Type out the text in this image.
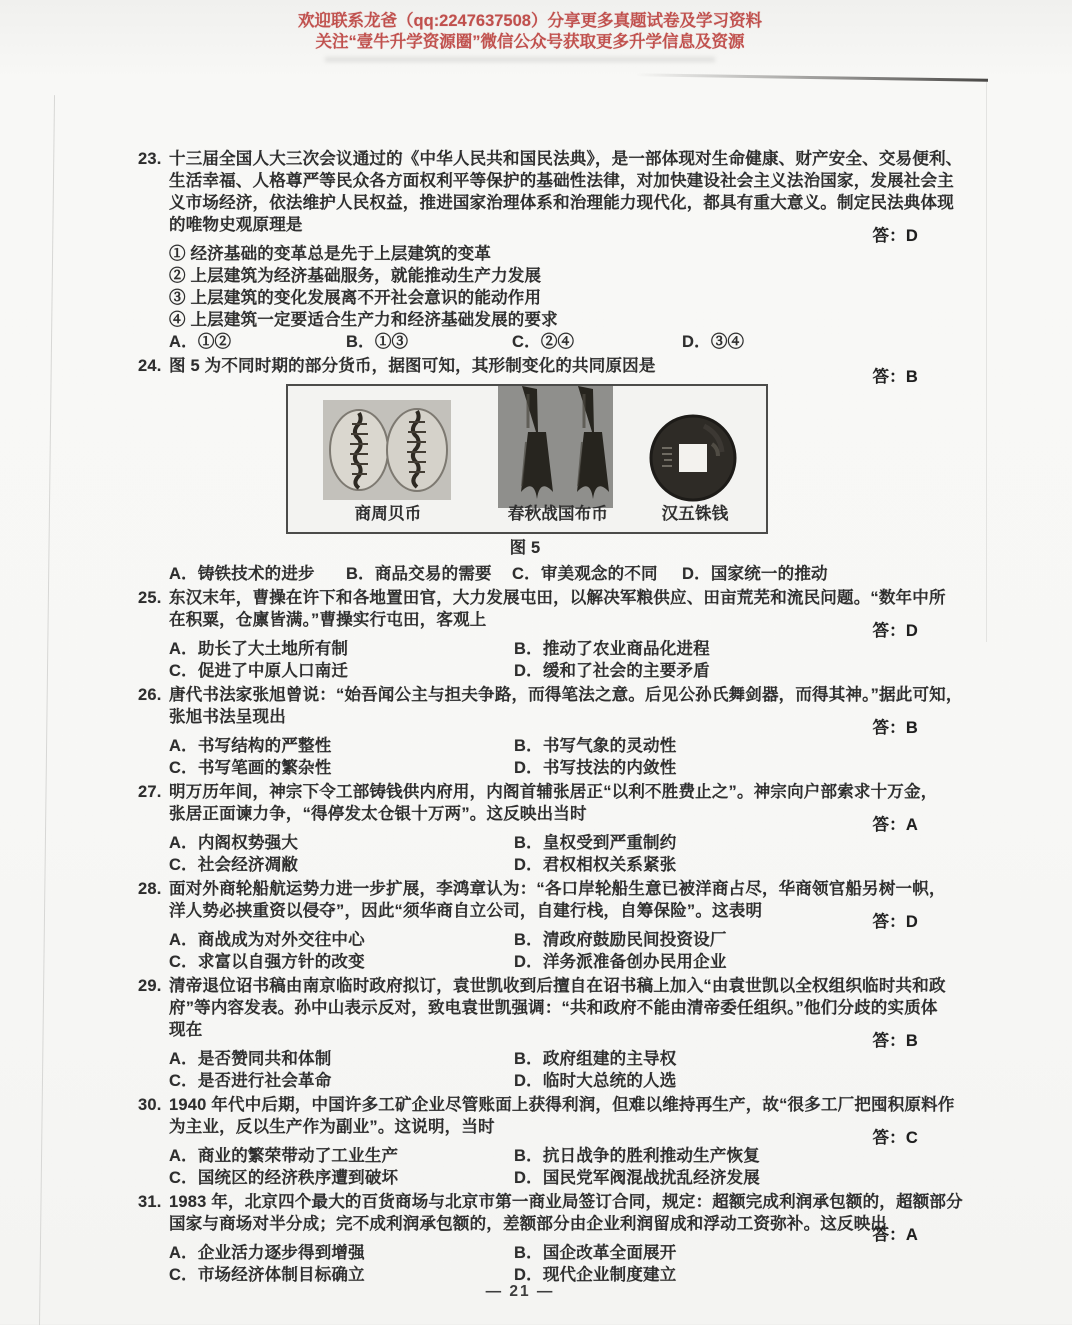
欢迎联系龙爸（qq:2247637508）分享更多真题试卷及学习资料
关注“壹牛升学资源圈”微信公众号获取更多升学信息及资源
23. 十三届全国人大三次会议通过的《中华人民共和国民法典》，是一部体现对生命健康、财产安全、交易便利、
生活幸福、人格尊严等民众各方面权利平等保护的基础性法律，对加快建设社会主义法治国家，发展社会主
义市场经济，依法维护人民权益，推进国家治理体系和治理能力现代化，都具有重大意义。制定民法典体现
的唯物史观原理是
① 经济基础的变革总是先于上层建筑的变革
② 上层建筑为经济基础服务，就能推动生产力发展
③ 上层建筑的变化发展离不开社会意识的能动作用
④ 上层建筑一定要适合生产力和经济基础发展的要求
A．①②	B．①③	C．②④	D．③④
答：D
24. 图 5 为不同时期的部分货币，据图可知，其形制变化的共同原因是
商周贝币	春秋战国布币	汉五铢钱
图 5
A．铸铁技术的进步	B．商品交易的需要	C．审美观念的不同	D．国家统一的推动
答：B
25. 东汉末年，曹操在许下和各地置田官，大力发展屯田，以解决军粮供应、田亩荒芜和流民问题。“数年中所
在积粟，仓廪皆满。”曹操实行屯田，客观上
A．助长了大土地所有制	B．推动了农业商品化进程
C．促进了中原人口南迁	D．缓和了社会的主要矛盾
答：D
26. 唐代书法家张旭曾说：“始吾闻公主与担夫争路，而得笔法之意。后见公孙氏舞剑器，而得其神。”据此可知，
张旭书法呈现出
A．书写结构的严整性	B．书写气象的灵动性
C．书写笔画的繁杂性	D．书写技法的内敛性
答：B
27. 明万历年间，神宗下令工部铸钱供内府用，内阁首辅张居正“以利不胜费止之”。神宗向户部索求十万金，
张居正面谏力争，“得停发太仓银十万两”。这反映出当时
A．内阁权势强大	B．皇权受到严重制约
C．社会经济凋敝	D．君权相权关系紧张
答：A
28. 面对外商轮船航运势力进一步扩展，李鸿章认为：“各口岸轮船生意已被洋商占尽，华商领官船另树一帜，
洋人势必挟重资以侵夺”，因此“须华商自立公司，自建行栈，自筹保险”。这表明
A．商战成为对外交往中心	B．清政府鼓励民间投资设厂
C．求富以自强方针的改变	D．洋务派准备创办民用企业
答：D
29. 清帝退位诏书稿由南京临时政府拟订，袁世凯收到后擅自在诏书稿上加入“由袁世凯以全权组织临时共和政
府”等内容发表。孙中山表示反对，致电袁世凯强调：“共和政府不能由清帝委任组织。”他们分歧的实质体
现在
A．是否赞同共和体制	B．政府组建的主导权
C．是否进行社会革命	D．临时大总统的人选
答：B
30. 1940 年代中后期，中国许多工矿企业尽管账面上获得利润，但难以维持再生产，故“很多工厂把囤积原料作
为主业，反以生产作为副业”。这说明，当时
A．商业的繁荣带动了工业生产	B．抗日战争的胜利推动生产恢复
C．国统区的经济秩序遭到破坏	D．国民党军阀混战扰乱经济发展
答：C
31. 1983 年，北京四个最大的百货商场与北京市第一商业局签订合同，规定：超额完成利润承包额的，超额部分
国家与商场对半分成；完不成利润承包额的，差额部分由企业利润留成和浮动工资弥补。这反映出
A．企业活力逐步得到增强	B．国企改革全面展开
C．市场经济体制目标确立	D．现代企业制度建立
答：A
— 21 —
